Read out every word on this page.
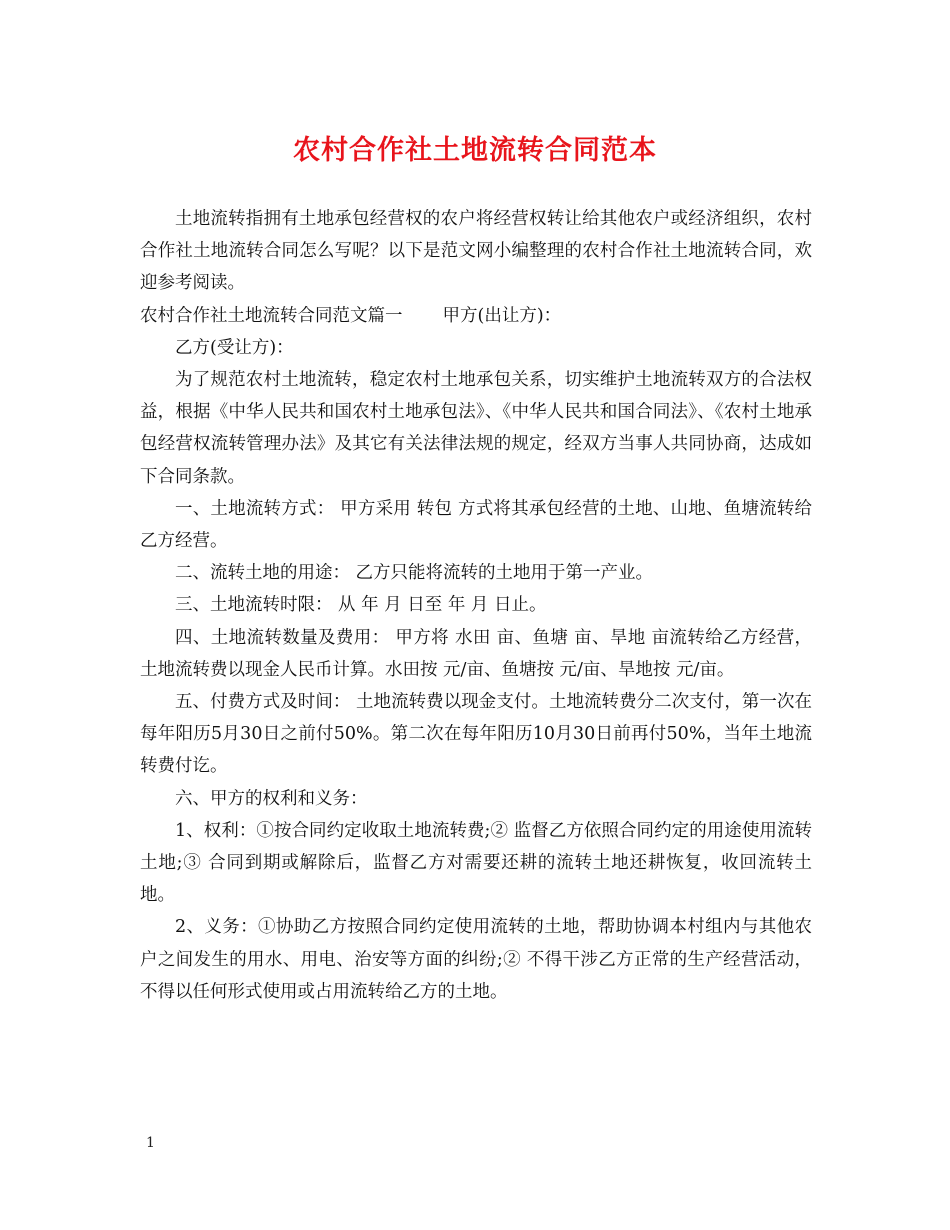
农村合作社土地流转合同范本

土地流转指拥有土地承包经营权的农户将经营权转让给其他农户或经济组织，农村合作社土地流转合同怎么写呢？以下是范文网小编整理的农村合作社土地流转合同，欢迎参考阅读。

农村合作社土地流转合同范文篇一 甲方(出让方)：

乙方(受让方)：

为了规范农村土地流转，稳定农村土地承包关系，切实维护土地流转双方的合法权益，根据《中华人民共和国农村土地承包法》、《中华人民共和国合同法》、《农村土地承包经营权流转管理办法》及其它有关法律法规的规定，经双方当事人共同协商，达成如下合同条款。

一、土地流转方式： 甲方采用 转包 方式将其承包经营的土地、山地、鱼塘流转给乙方经营。

二、流转土地的用途： 乙方只能将流转的土地用于第一产业。

三、土地流转时限： 从 年 月 日至 年 月 日止。

四、土地流转数量及费用： 甲方将 水田 亩、鱼塘 亩、旱地 亩流转给乙方经营，土地流转费以现金人民币计算。水田按 元/亩、鱼塘按 元/亩、旱地按 元/亩。

五、付费方式及时间： 土地流转费以现金支付。土地流转费分二次支付，第一次在每年阳历5月30日之前付50%。第二次在每年阳历10月30日前再付50%，当年土地流转费付讫。

六、甲方的权利和义务：

1、权利：①按合同约定收取土地流转费;② 监督乙方依照合同约定的用途使用流转土地;③ 合同到期或解除后，监督乙方对需要还耕的流转土地还耕恢复，收回流转土地。

2、义务：①协助乙方按照合同约定使用流转的土地，帮助协调本村组内与其他农户之间发生的用水、用电、治安等方面的纠纷;② 不得干涉乙方正常的生产经营活动，不得以任何形式使用或占用流转给乙方的土地。

1
